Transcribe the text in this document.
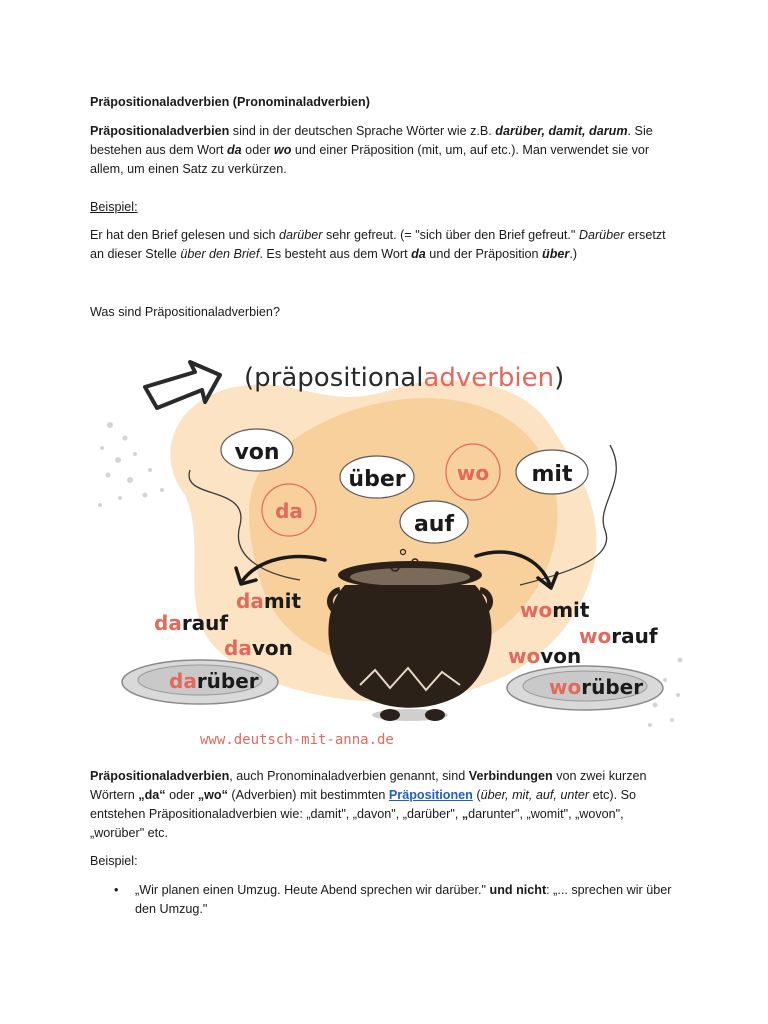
Präpositionaladverbien (Pronominaladverbien)

Präpositionaladverbien sind in der deutschen Sprache Wörter wie z.B. darüber, damit, darum. Sie bestehen aus dem Wort da oder wo und einer Präposition (mit, um, auf etc.). Man verwendet sie vor allem, um einen Satz zu verkürzen.

Beispiel:

Er hat den Brief gelesen und sich darüber sehr gefreut. (= "sich über den Brief gefreut." Darüber ersetzt an dieser Stelle über den Brief. Es besteht aus dem Wort da und der Präposition über.)

Was sind Präpositionaladverbien?

Präpositionaladverbien, auch Pronominaladverbien genannt, sind Verbindungen von zwei kurzen Wörtern „da“ oder „wo“ (Adverbien) mit bestimmten Präpositionen (über, mit, auf, unter etc). So entstehen Präpositionaladverbien wie: „damit", „davon", „darüber", „darunter", „womit", „wovon", „worüber" etc.

Beispiel:

• „Wir planen einen Umzug. Heute Abend sprechen wir darüber." und nicht: „... sprechen wir über den Umzug."
(präpositionaladverbien)
von
über	wo mit
da
auf
damit
darauf
davon
darüber
womit
worauf
wovon
worüber
www.deutsch-mit-anna.de
